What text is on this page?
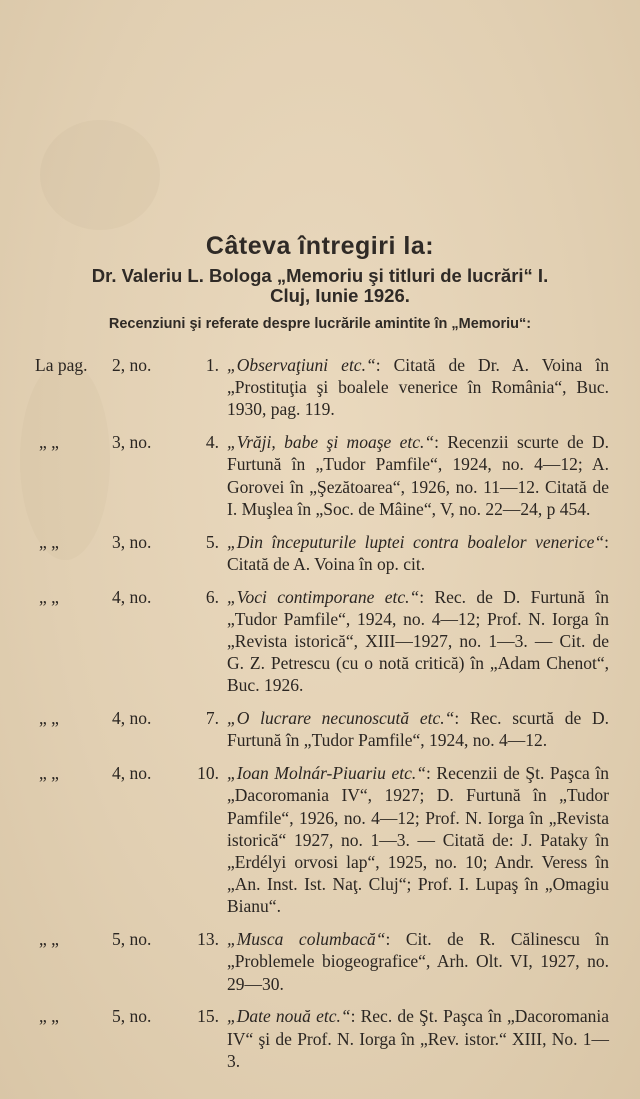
Câteva întregiri la:
Dr. Valeriu L. Bologa „Memoriu şi titluri de lucrări“ I.
Cluj, Iunie 1926.
Recenziuni şi referate despre lucrările amintite în „Memoriu“:
La pag.	2, no.	1. „Observaţiuni etc.“: Citată de Dr. A. Voina în „Prostituţia şi boalele venerice în România“, Buc. 1930, pag. 119.
„ „	3, no.	4. „Vrăji, babe şi moaşe etc.“: Recenzii scurte de D. Furtună în „Tudor Pamfile“, 1924, no. 4—12; A. Gorovei în „Şezătoarea“, 1926, no. 11—12. Citată de I. Muşlea în „Soc. de Mâine“, V, no. 22—24, p 454.
„ „	3, no.	5. „Din începuturile luptei contra boalelor venerice“: Citată de A. Voina în op. cit.
„ „	4, no.	6. „Voci contimporane etc.“: Rec. de D. Furtună în „Tudor Pamfile“, 1924, no. 4—12; Prof. N. Iorga în „Revista istorică“, XIII—1927, no. 1—3. — Cit. de G. Z. Petrescu (cu o notă critică) în „Adam Chenot“, Buc. 1926.
„ „	4, no.	7. „O lucrare necunoscută etc.“: Rec. scurtă de D. Furtună în „Tudor Pamfile“, 1924, no. 4—12.
„ „	4, no.	10. „Ioan Molnár-Piuariu etc.“: Recenzii de Şt. Paşca în „Dacoromania IV“, 1927; D. Furtună în „Tudor Pamfile“, 1926, no. 4—12; Prof. N. Iorga în „Revista istorică“ 1927, no. 1—3. — Citată de: J. Pataky în „Erdélyi orvosi lap“, 1925, no. 10; Andr. Veress în „An. Inst. Ist. Naţ. Cluj“; Prof. I. Lupaş în „Omagiu Bianu“.
„ „	5, no.	13. „Musca columbacă“: Cit. de R. Călinescu în „Problemele biogeografice“, Arh. Olt. VI, 1927, no. 29—30.
„ „	5, no.	15. „Date nouă etc.“: Rec. de Şt. Paşca în „Dacoromania IV“ şi de Prof. N. Iorga în „Rev. istor.“ XIII, No. 1—3.
